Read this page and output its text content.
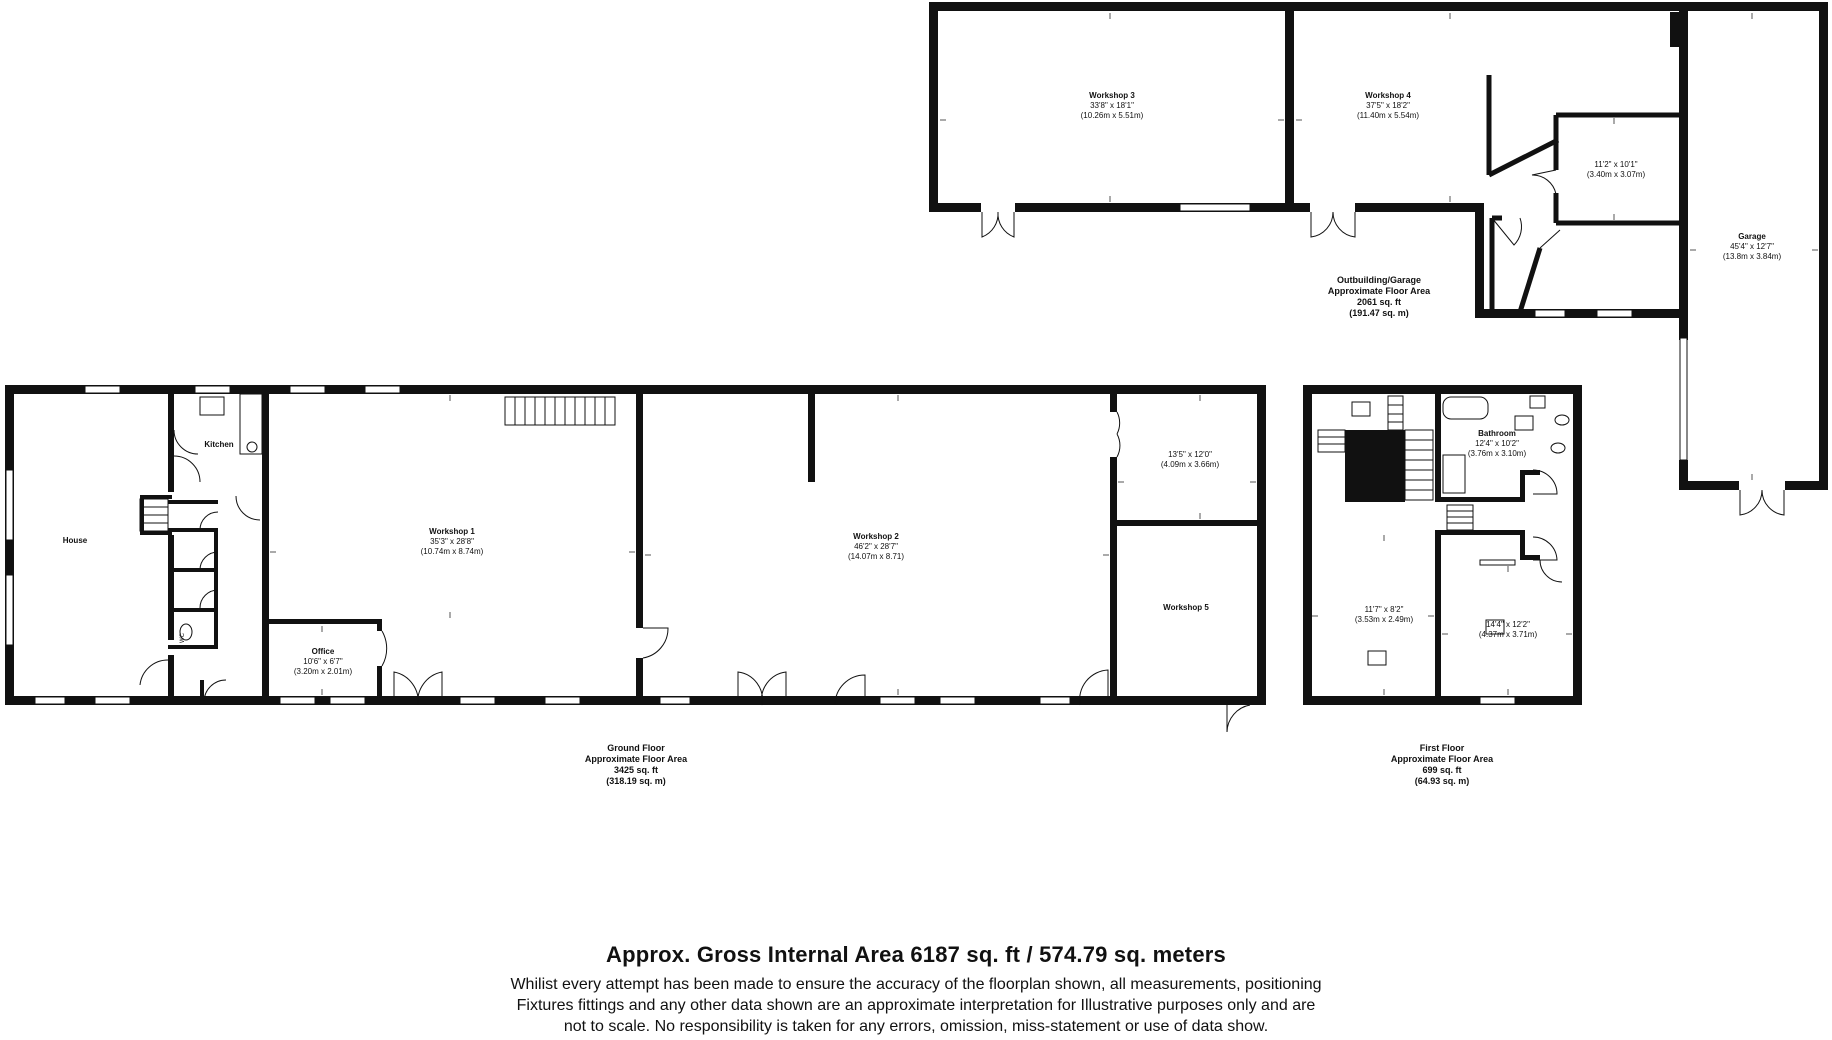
Workshop 3
33'8" x 18'1"
(10.26m x 5.51m)
Workshop 4
37'5" x 18'2"
(11.40m x 5.54m)
11'2" x 10'1"
(3.40m x 3.07m)
Garage
45'4" x 12'7"
(13.8m x 3.84m)
Outbuilding/Garage
Approximate Floor Area
2061 sq. ft
(191.47 sq. m)
House
Kitchen
WC
Workshop 1
35'3" x 28'8"
(10.74m x 8.74m)
Office
10'6" x 6'7"
(3.20m x 2.01m)
Workshop 2
46'2" x 28'7"
(14.07m x 8.71)
13'5" x 12'0"
(4.09m x 3.66m)
Workshop 5
Ground Floor
Approximate Floor Area
3425 sq. ft
(318.19 sq. m)
Bathroom
12'4" x 10'2"
(3.76m x 3.10m)
11'7" x 8'2"
(3.53m x 2.49m)
14'4" x 12'2"
(4.37m x 3.71m)
First Floor
Approximate Floor Area
699 sq. ft
(64.93 sq. m)

Approx. Gross Internal Area 6187 sq. ft / 574.79 sq. meters

Whilist every attempt has been made to ensure the accuracy of the floorplan shown, all measurements, positioning

Fixtures fittings and any other data shown are an approximate interpretation for Illustrative purposes only and are

not to scale. No responsibility is taken for any errors, omission, miss-statement or use of data show.
